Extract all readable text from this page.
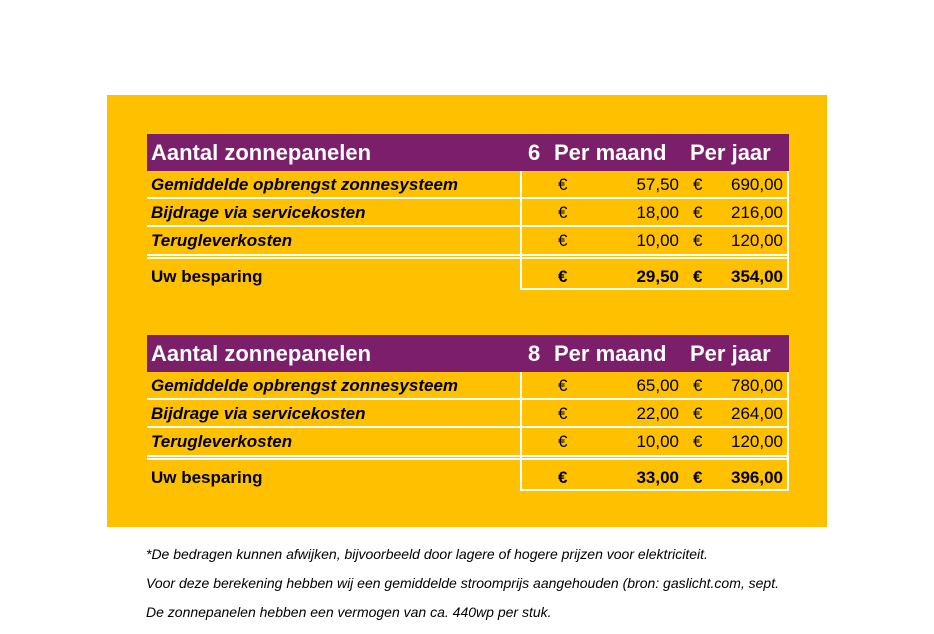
Aantal zonnepanelen	6 Per maand Per jaar
Gemiddelde opbrengst zonnesysteem	€	57,50 € 690,00
Bijdrage via servicekosten	€	18,00 € 216,00
Terugleverkosten	€	10,00 € 120,00
Uw besparing	€	29,50 € 354,00
Aantal zonnepanelen	8 Per maand Per jaar
Gemiddelde opbrengst zonnesysteem	€	65,00 € 780,00
Bijdrage via servicekosten	€	22,00 € 264,00
Terugleverkosten	€	10,00 € 120,00
Uw besparing	€	33,00 € 396,00
*De bedragen kunnen afwijken, bijvoorbeeld door lagere of hogere prijzen voor elektriciteit.
Voor deze berekening hebben wij een gemiddelde stroomprijs aangehouden (bron: gaslicht.com, sept.
De zonnepanelen hebben een vermogen van ca. 440wp per stuk.
